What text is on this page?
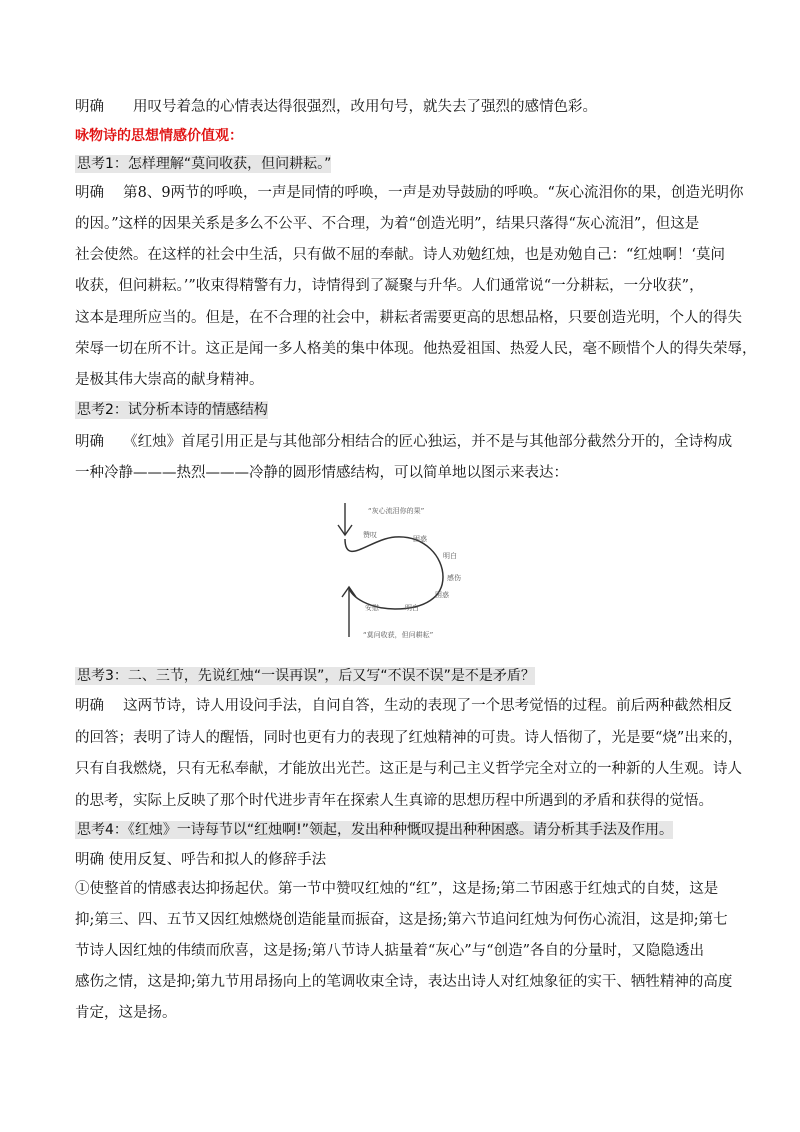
明确　　用叹号着急的心情表达得很强烈，改用句号，就失去了强烈的感情色彩。
咏物诗的思想情感价值观：
思考1：怎样理解“莫问收获，但问耕耘。”
明确　 第8、9两节的呼唤，一声是同情的呼唤，一声是劝导鼓励的呼唤。“灰心流泪你的果，创造光明你
的因。”这样的因果关系是多么不公平、不合理，为着“创造光明”，结果只落得“灰心流泪”，但这是
社会使然。在这样的社会中生活，只有做不屈的奉献。诗人劝勉红烛，也是劝勉自己：“红烛啊！‘莫问
收获，但问耕耘。’”收束得精警有力，诗情得到了凝聚与升华。人们通常说“一分耕耘，一分收获”，
这本是理所应当的。但是，在不合理的社会中，耕耘者需要更高的思想品格，只要创造光明，个人的得失
荣辱一切在所不计。这正是闻一多人格美的集中体现。他热爱祖国、热爱人民，毫不顾惜个人的得失荣辱，
是极其伟大崇高的献身精神。
思考2：试分析本诗的情感结构
明确　 《红烛》首尾引用正是与其他部分相结合的匠心独运，并不是与其他部分截然分开的，全诗构成
一种冷静———热烈———冷静的圆形情感结构，可以简单地以图示来表达：
“灰心流泪你的果”
赞叹	困惑
明白
感伤
困惑
明白
安慰
“莫问收获，但问耕耘”
思考3：二、三节，先说红烛“一误再误”，后又写“不误不误”是不是矛盾？
明确　 这两节诗，诗人用设问手法，自问自答，生动的表现了一个思考觉悟的过程。前后两种截然相反
的回答；表明了诗人的醒悟，同时也更有力的表现了红烛精神的可贵。诗人悟彻了，光是要“烧”出来的，
只有自我燃烧，只有无私奉献，才能放出光芒。这正是与利己主义哲学完全对立的一种新的人生观。诗人
的思考，实际上反映了那个时代进步青年在探索人生真谛的思想历程中所遇到的矛盾和获得的觉悟。
思考4：《红烛》一诗每节以“红烛啊!”领起，发出种种慨叹提出种种困惑。请分析其手法及作用。
明确 使用反复、呼告和拟人的修辞手法
①使整首的情感表达抑扬起伏。第一节中赞叹红烛的“红”，这是扬;第二节困惑于红烛式的自焚，这是
抑;第三、四、五节又因红烛燃烧创造能量而振奋，这是扬;第六节追问红烛为何伤心流泪，这是抑;第七
节诗人因红烛的伟绩而欣喜，这是扬;第八节诗人掂量着“灰心”与“创造”各自的分量时，又隐隐透出
感伤之情，这是抑;第九节用昂扬向上的笔调收束全诗，表达出诗人对红烛象征的实干、牺牲精神的高度
肯定，这是扬。
